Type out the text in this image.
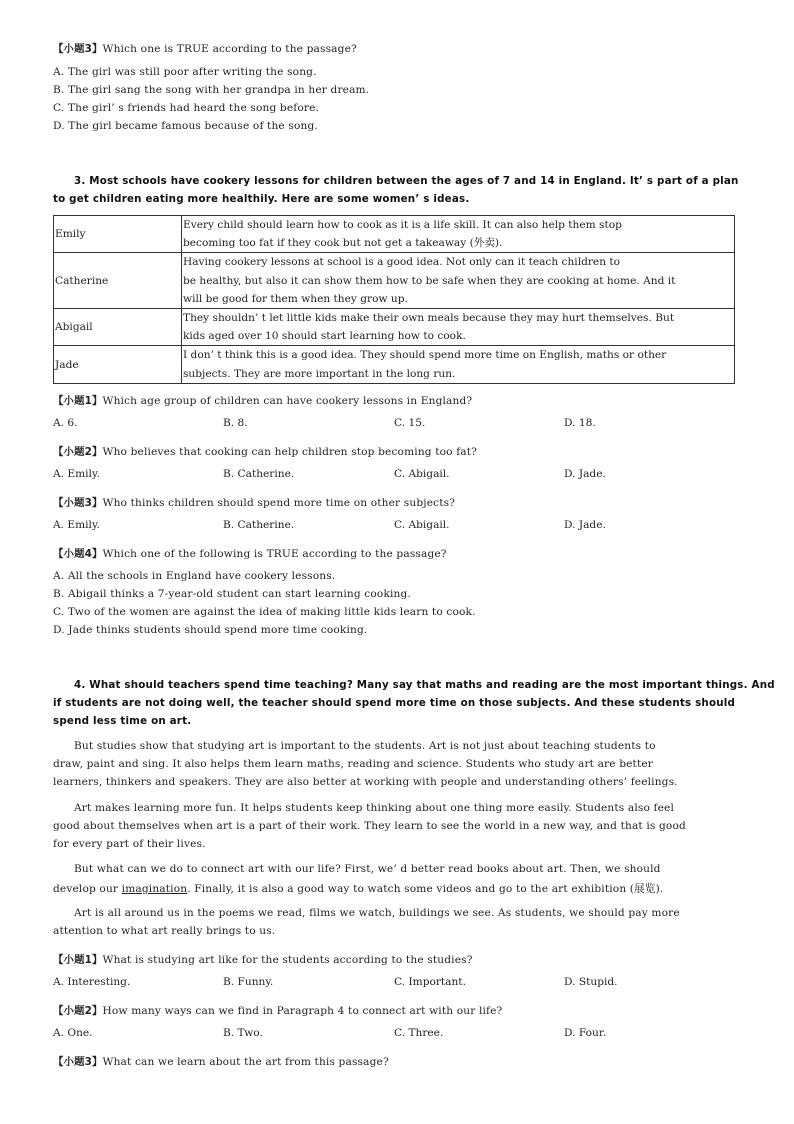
【小题3】Which one is TRUE according to the passage?
A. The girl was still poor after writing the song.
B. The girl sang the song with her grandpa in her dream.
C. The girl’ s friends had heard the song before.
D. The girl became famous because of the song.
3. Most schools have cookery lessons for children between the ages of 7 and 14 in England. It’ s part of a plan
to get children eating more healthily. Here are some women’ s ideas.
Emily	Every child should learn how to cook as it is a life skill. It can also help them stop
becoming too fat if they cook but not get a takeaway (外卖).

Catherine	Having cookery lessons at school is a good idea. Not only can it teach children to
be healthy, but also it can show them how to be safe when they are cooking at home. And it
will be good for them when they grow up.

Abigail	They shouldn’ t let little kids make their own meals because they may hurt themselves. But
kids aged over 10 should start learning how to cook.

Jade	I don’ t think this is a good idea. They should spend more time on English, maths or other
subjects. They are more important in the long run.
【小题1】Which age group of children can have cookery lessons in England?
A. 6.	B. 8.	C. 15.	D. 18.
【小题2】Who believes that cooking can help children stop becoming too fat?
A. Emily.	B. Catherine.	C. Abigail.	D. Jade.
【小题3】Who thinks children should spend more time on other subjects?
A. Emily.	B. Catherine.	C. Abigail.	D. Jade.
【小题4】Which one of the following is TRUE according to the passage?
A. All the schools in England have cookery lessons.
B. Abigail thinks a 7-year-old student can start learning cooking.
C. Two of the women are against the idea of making little kids learn to cook.
D. Jade thinks students should spend more time cooking.
4. What should teachers spend time teaching? Many say that maths and reading are the most important things. And
if students are not doing well, the teacher should spend more time on those subjects. And these students should
spend less time on art.
But studies show that studying art is important to the students. Art is not just about teaching students to
draw, paint and sing. It also helps them learn maths, reading and science. Students who study art are better
learners, thinkers and speakers. They are also better at working with people and understanding others’ feelings.
Art makes learning more fun. It helps students keep thinking about one thing more easily. Students also feel
good about themselves when art is a part of their work. They learn to see the world in a new way, and that is good
for every part of their lives.
But what can we do to connect art with our life? First, we’ d better read books about art. Then, we should
develop our imagination. Finally, it is also a good way to watch some videos and go to the art exhibition (展览).
Art is all around us in the poems we read, films we watch, buildings we see. As students, we should pay more
attention to what art really brings to us.
【小题1】What is studying art like for the students according to the studies?
A. Interesting.	B. Funny.	C. Important.	D. Stupid.
【小题2】How many ways can we find in Paragraph 4 to connect art with our life?
A. One.	B. Two.	C. Three.	D. Four.
【小题3】What can we learn about the art from this passage?
